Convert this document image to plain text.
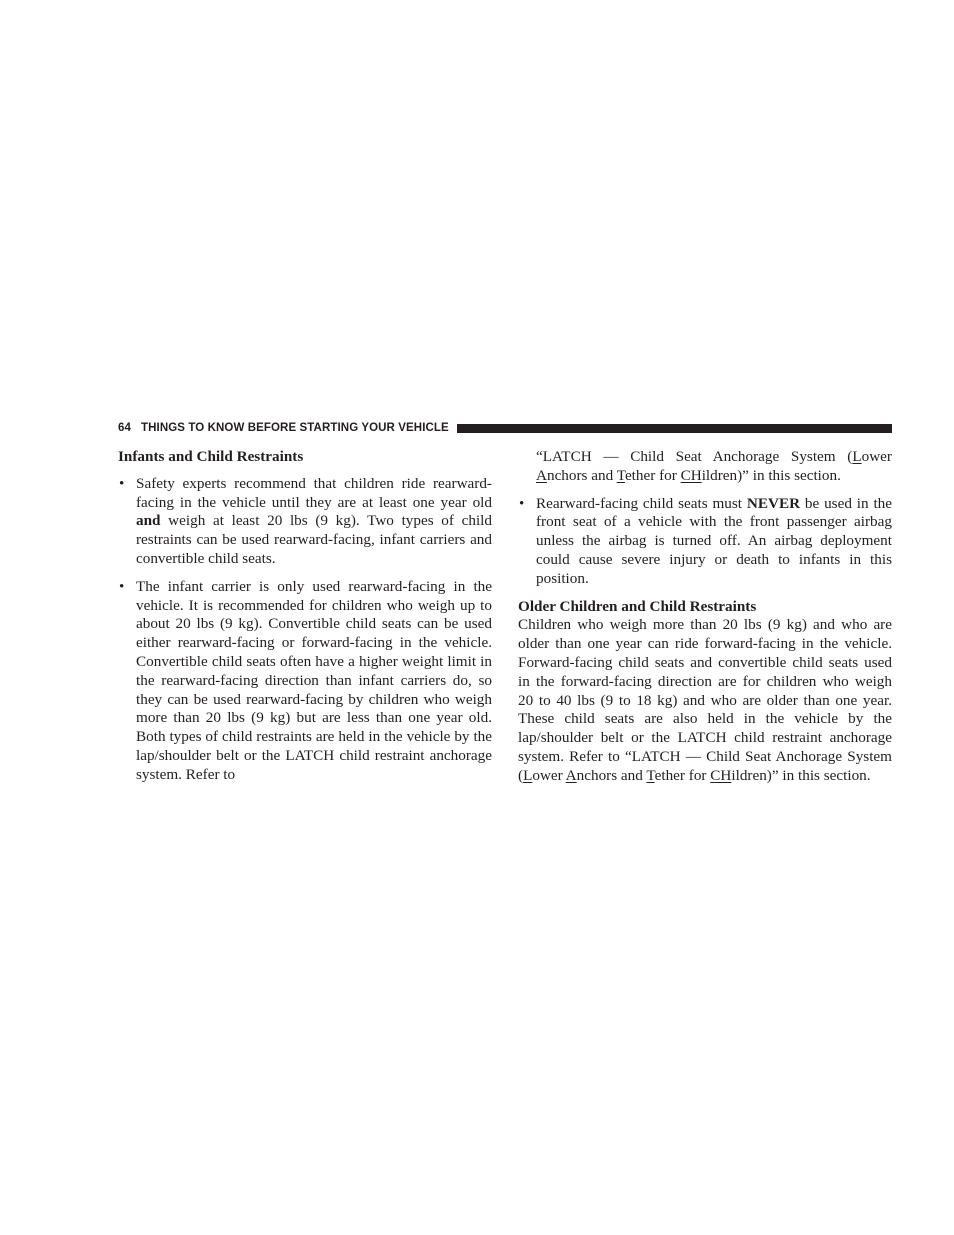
64 THINGS TO KNOW BEFORE STARTING YOUR VEHICLE
Infants and Child Restraints
• Safety experts recommend that children ride rearward-facing in the vehicle until they are at least one year old and weigh at least 20 lbs (9 kg). Two types of child restraints can be used rearward-facing, infant carriers and convertible child seats.
• The infant carrier is only used rearward-facing in the vehicle. It is recommended for children who weigh up to about 20 lbs (9 kg). Convertible child seats can be used either rearward-facing or forward-facing in the vehicle. Convertible child seats often have a higher weight limit in the rearward-facing direction than infant carriers do, so they can be used rearward-facing by children who weigh more than 20 lbs (9 kg) but are less than one year old. Both types of child restraints are held in the vehicle by the lap/shoulder belt or the LATCH child restraint anchorage system. Refer to
“LATCH — Child Seat Anchorage System (Lower Anchors and Tether for CHildren)” in this section.
• Rearward-facing child seats must NEVER be used in the front seat of a vehicle with the front passenger airbag unless the airbag is turned off. An airbag deployment could cause severe injury or death to infants in this position.
Older Children and Child Restraints

Children who weigh more than 20 lbs (9 kg) and who are older than one year can ride forward-facing in the vehicle. Forward-facing child seats and convertible child seats used in the forward-facing direction are for children who weigh 20 to 40 lbs (9 to 18 kg) and who are older than one year. These child seats are also held in the vehicle by the lap/shoulder belt or the LATCH child restraint anchorage system. Refer to “LATCH — Child Seat Anchorage System (Lower Anchors and Tether for CHildren)” in this section.
